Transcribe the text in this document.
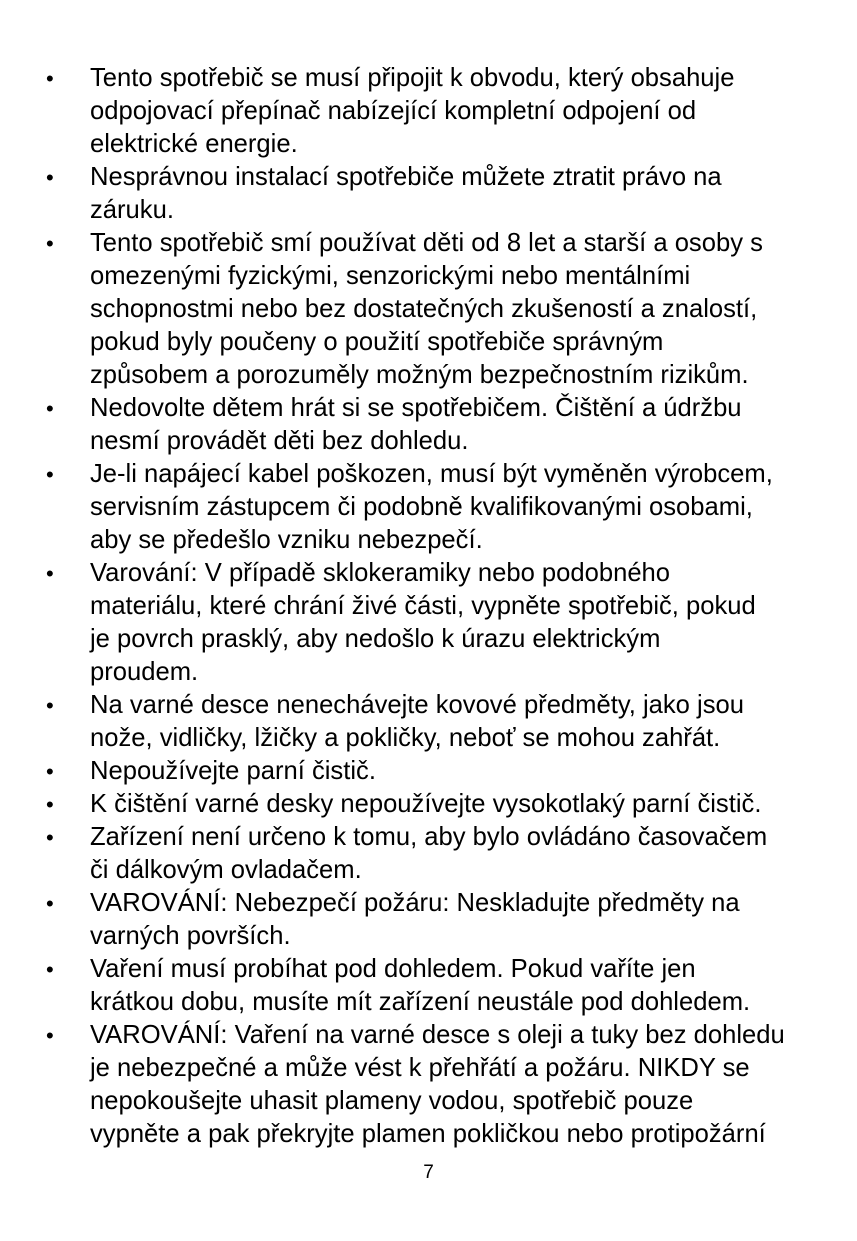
•	Tento spotřebič se musí připojit k obvodu, který obsahuje
odpojovací přepínač nabízející kompletní odpojení od
elektrické energie.
•	Nesprávnou instalací spotřebiče můžete ztratit právo na
záruku.
•	Tento spotřebič smí používat děti od 8 let a starší a osoby s
omezenými fyzickými, senzorickými nebo mentálními
schopnostmi nebo bez dostatečných zkušeností a znalostí,
pokud byly poučeny o použití spotřebiče správným
způsobem a porozuměly možným bezpečnostním rizikům.
•	Nedovolte dětem hrát si se spotřebičem. Čištění a údržbu
nesmí provádět děti bez dohledu.
•	Je-li napájecí kabel poškozen, musí být vyměněn výrobcem,
servisním zástupcem či podobně kvalifikovanými osobami,
aby se předešlo vzniku nebezpečí.
•	Varování: V případě sklokeramiky nebo podobného
materiálu, které chrání živé části, vypněte spotřebič, pokud
je povrch prasklý, aby nedošlo k úrazu elektrickým
proudem.
•	Na varné desce nenechávejte kovové předměty, jako jsou
nože, vidličky, lžičky a pokličky, neboť se mohou zahřát.
•	Nepoužívejte parní čistič.
•	K čištění varné desky nepoužívejte vysokotlaký parní čistič.
•	Zařízení není určeno k tomu, aby bylo ovládáno časovačem
či dálkovým ovladačem.
•	VAROVÁNÍ: Nebezpečí požáru: Neskladujte předměty na
varných površích.
•	Vaření musí probíhat pod dohledem. Pokud vaříte jen
krátkou dobu, musíte mít zařízení neustále pod dohledem.
•	VAROVÁNÍ: Vaření na varné desce s oleji a tuky bez dohledu
je nebezpečné a může vést k přehřátí a požáru. NIKDY se
nepokoušejte uhasit plameny vodou, spotřebič pouze
vypněte a pak překryjte plamen pokličkou nebo protipožární
7
